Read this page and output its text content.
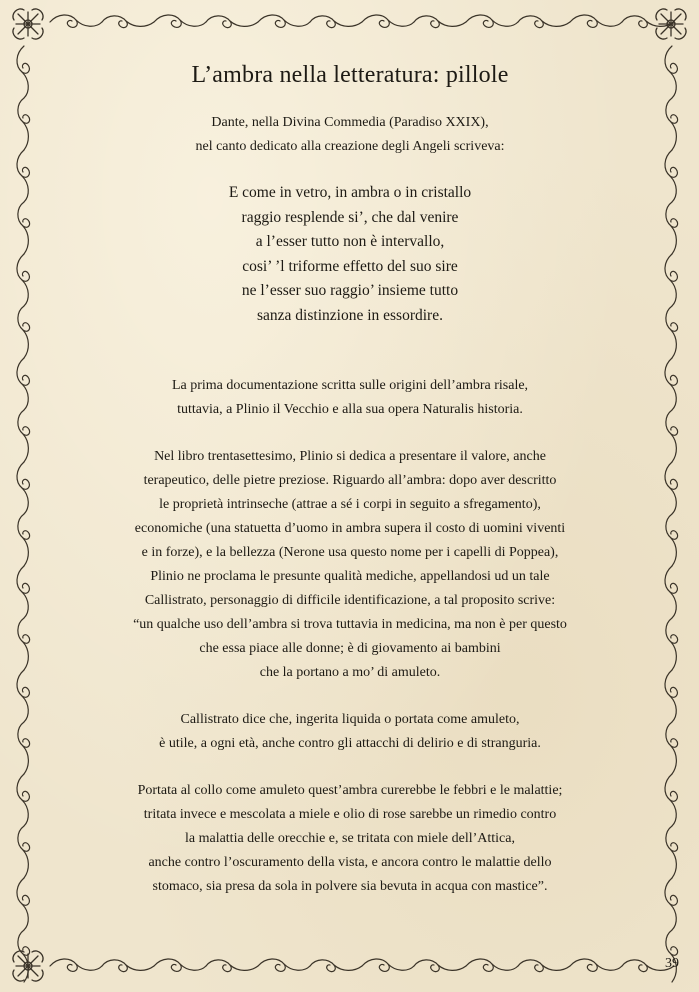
L’ambra nella letteratura: pillole

Dante, nella Divina Commedia (Paradiso XXIX),
nel canto dedicato alla creazione degli Angeli scriveva:

E come in vetro, in ambra o in cristallo
raggio resplende si’, che dal venire
a l’esser tutto non è intervallo,
cosi’ ’l triforme effetto del suo sire
ne l’esser suo raggio’ insieme tutto
sanza distinzione in essordire.

La prima documentazione scritta sulle origini dell’ambra risale,
tuttavia, a Plinio il Vecchio e alla sua opera Naturalis historia.

Nel libro trentasettesimo, Plinio si dedica a presentare il valore, anche
terapeutico, delle pietre preziose. Riguardo all’ambra: dopo aver descritto
le proprietà intrinseche (attrae a sé i corpi in seguito a sfregamento),
economiche (una statuetta d’uomo in ambra supera il costo di uomini viventi
e in forze), e la bellezza (Nerone usa questo nome per i capelli di Poppea),
Plinio ne proclama le presunte qualità mediche, appellandosi ud un tale
Callistrato, personaggio di difficile identificazione, a tal proposito scrive:
“un qualche uso dell’ambra si trova tuttavia in medicina, ma non è per questo
che essa piace alle donne; è di giovamento ai bambini
che la portano a mo’ di amuleto.

Callistrato dice che, ingerita liquida o portata come amuleto,
è utile, a ogni età, anche contro gli attacchi di delirio e di stranguria.

Portata al collo come amuleto quest’ambra curerebbe le febbri e le malattie;
tritata invece e mescolata a miele e olio di rose sarebbe un rimedio contro
la malattia delle orecchie e, se tritata con miele dell’Attica,
anche contro l’oscuramento della vista, e ancora contro le malattie dello
stomaco, sia presa da sola in polvere sia bevuta in acqua con mastice”.

39
